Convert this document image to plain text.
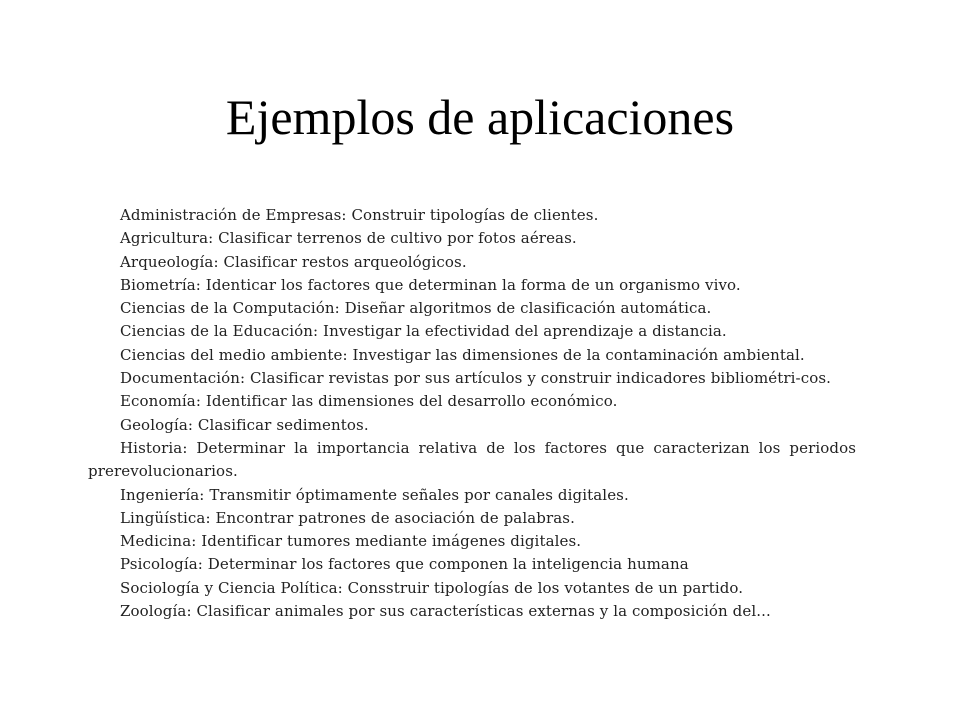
Ejemplos de aplicaciones

Administración de Empresas: Construir tipologías de clientes.

Agricultura: Clasificar terrenos de cultivo por fotos aéreas.

Arqueología: Clasificar restos arqueológicos.

Biometría: Identicar los factores que determinan la forma de un organismo vivo.

Ciencias de la Computación: Diseñar algoritmos de clasificación automática.

Ciencias de la Educación: Investigar la efectividad del aprendizaje a distancia.

Ciencias del medio ambiente: Investigar las dimensiones de la contaminación ambiental.

Documentación: Clasificar revistas por sus artículos y construir indicadores bibliométri-cos.

Economía: Identificar las dimensiones del desarrollo económico.

Geología: Clasificar sedimentos.

Historia: Determinar la importancia relativa de los factores que caracterizan los periodos prerevolucionarios.

Ingeniería: Transmitir óptimamente señales por canales digitales.

Lingüística: Encontrar patrones de asociación de palabras.

Medicina: Identificar tumores mediante imágenes digitales.

Psicología: Determinar los factores que componen la inteligencia humana

Sociología y Ciencia Política: Consstruir tipologías de los votantes de un partido.

Zoología: Clasificar animales por sus características externas y la composición del...
